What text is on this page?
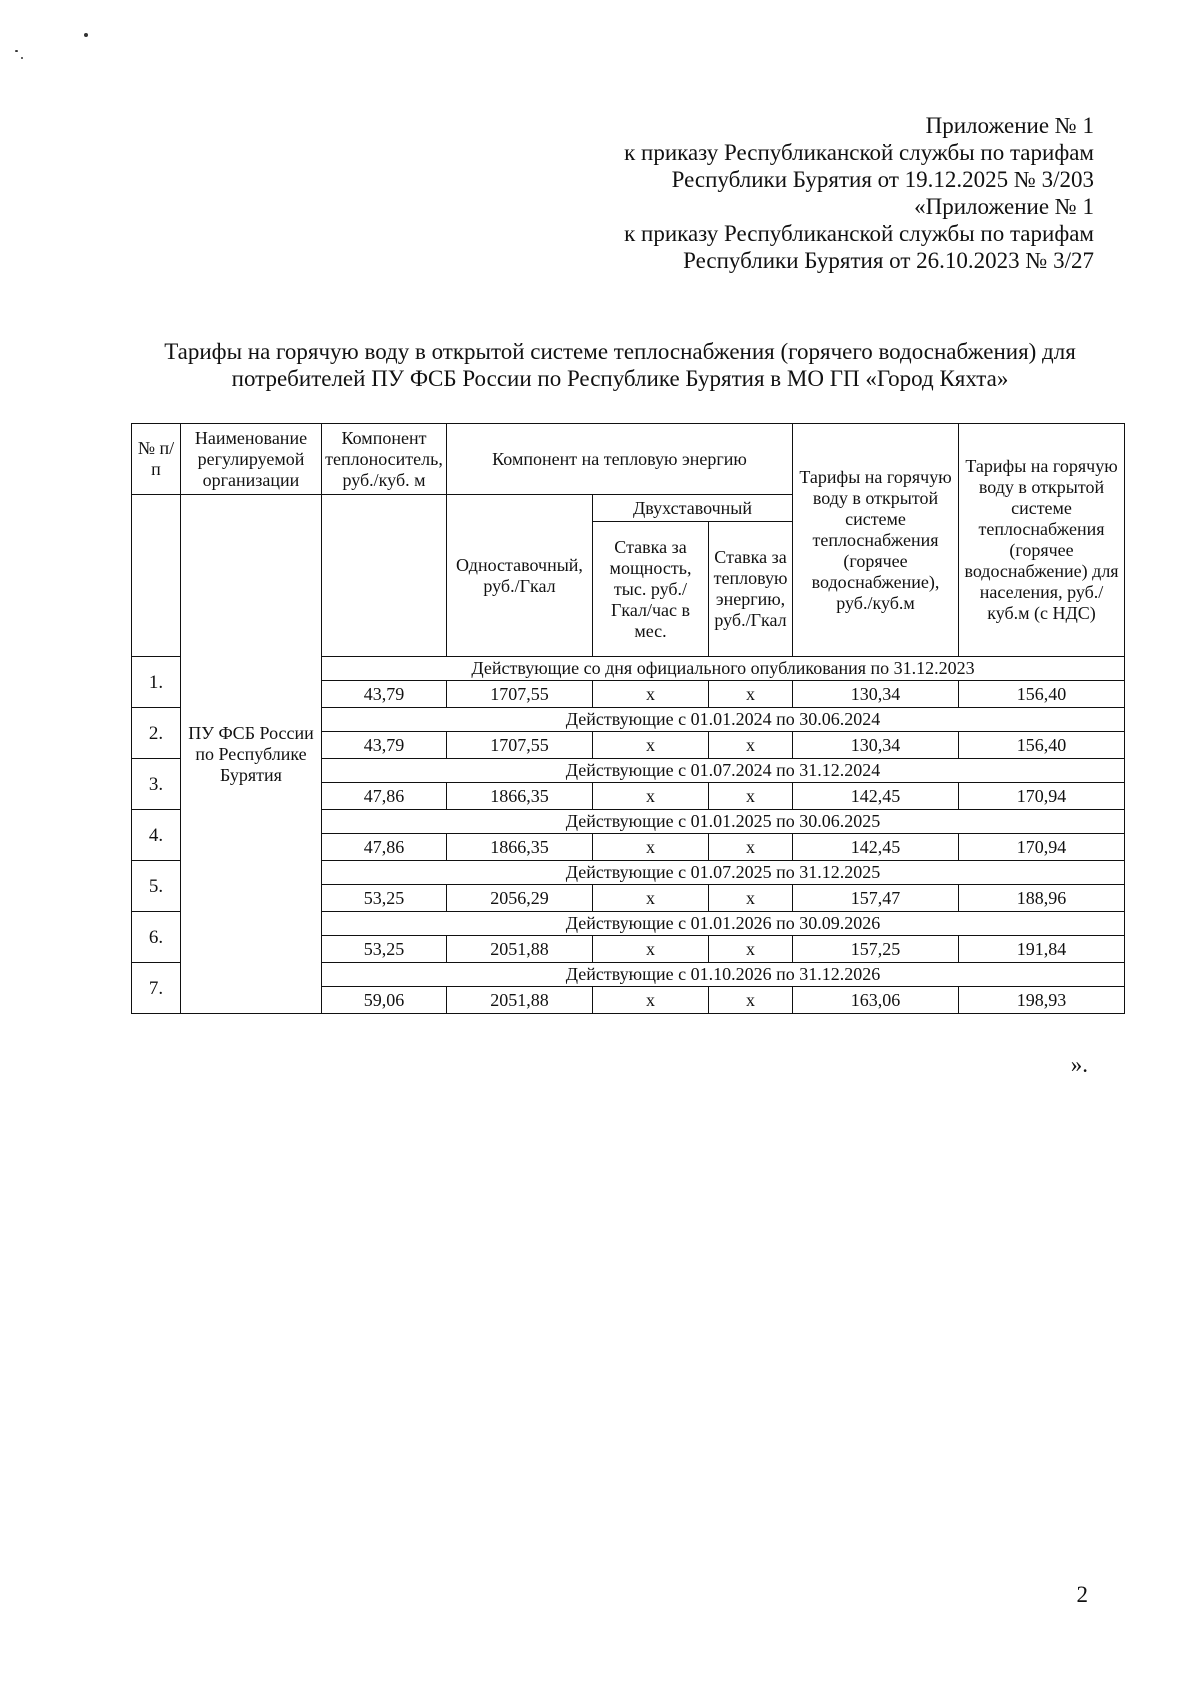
Приложение № 1
к приказу Республиканской службы по тарифам
Республики Бурятия от 19.12.2025 № 3/203
«Приложение № 1
к приказу Республиканской службы по тарифам
Республики Бурятия от 26.10.2023 № 3/27
Тарифы на горячую воду в открытой системе теплоснабжения (горячего водоснабжения) для
потребителей ПУ ФСБ России по Республике Бурятия в МО ГП «Город Кяхта»
№ п/п	Наименование регулируемой организации	Компонент теплоноситель, руб./куб. м	Компонент на тепловую энергию			Тарифы на горячую воду в открытой системе теплоснабжения (горячее водоснабжение), руб./куб.м	Тарифы на горячую воду в открытой системе теплоснабжения (горячее водоснабжение) для населения, руб./куб.м (с НДС)
	ПУ ФСБ России по Республике Бурятия		Одноставочный, руб./Гкал	Двухставочный			
				Ставка за мощность, тыс. руб./Гкал/час в мес.	Ставка за тепловую энергию, руб./Гкал		
1.		Действующие со дня официального опубликования по 31.12.2023					
		43,79	1707,55	х	х	130,34	156,40
2.		Действующие с 01.01.2024 по 30.06.2024					
		43,79	1707,55	х	х	130,34	156,40
3.		Действующие с 01.07.2024 по 31.12.2024					
		47,86	1866,35	х	х	142,45	170,94
4.		Действующие с 01.01.2025 по 30.06.2025					
		47,86	1866,35	х	х	142,45	170,94
5.		Действующие с 01.07.2025 по 31.12.2025					
		53,25	2056,29	х	х	157,47	188,96
6.		Действующие с 01.01.2026 по 30.09.2026					
		53,25	2051,88	х	х	157,25	191,84
7.		Действующие с 01.10.2026 по 31.12.2026					
		59,06	2051,88	х	х	163,06	198,93
».
2
